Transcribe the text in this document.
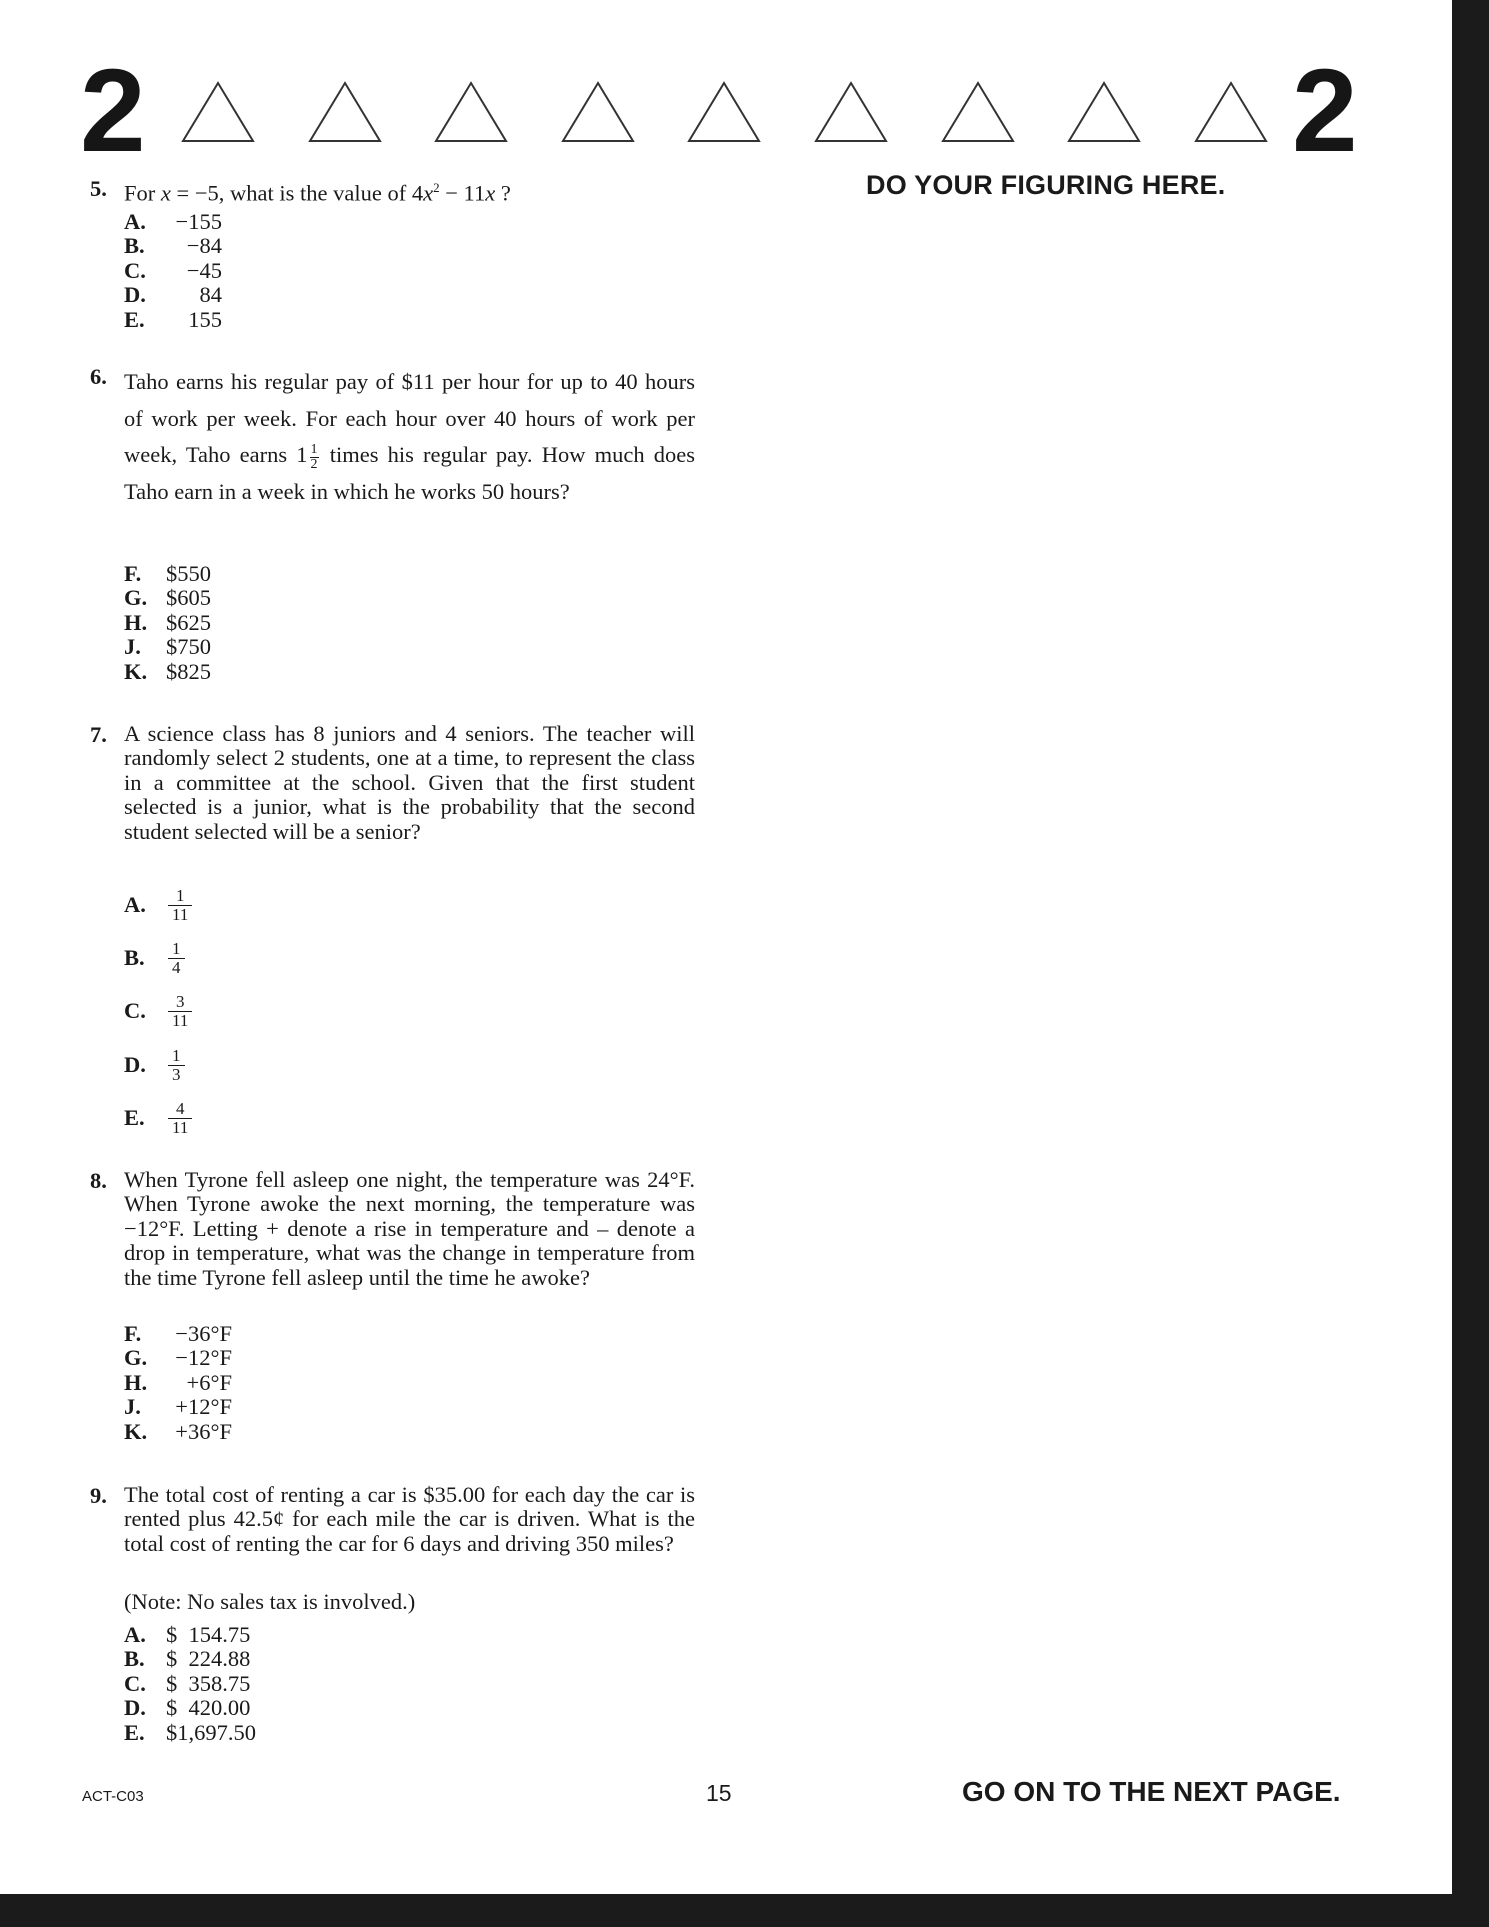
2	2
DO YOUR FIGURING HERE.
5. For x = −5, what is the value of $4x^2 - 11x$ ?
A. −155
B. −84
C. −45
D. 84
E. 155
6. Taho earns his regular pay of $11 per hour for up to 40 hours of work per week. For each hour over 40 hours of work per week, Taho earns $1 \frac{1}{2}$ times his regular pay. How much does Taho earn in a week in which he works 50 hours?
F. $550
G. $605
H. $625
J. $750
K. $825
7. A science class has 8 juniors and 4 seniors. The teacher will randomly select 2 students, one at a time, to represent the class in a committee at the school. Given that the first student selected is a junior, what is the probability that the second student selected will be a senior?
A.	$\frac{1}{11}$
B.	$\frac{1}{4}$
C.	$\frac{3}{11}$
D.	$\frac{1}{3}$
E.	$\frac{4}{11}$
8. When Tyrone fell asleep one night, the temperature was 24°F. When Tyrone awoke the next morning, the temperature was −12°F. Letting + denote a rise in temperature and – denote a drop in temperature, what was the change in temperature from the time Tyrone fell asleep until the time he awoke?
F. −36°F
G. −12°F
H. +6°F
J. +12°F
K. +36°F
9. The total cost of renting a car is $35.00 for each day the car is rented plus 42.5¢ for each mile the car is driven. What is the total cost of renting the car for 6 days and driving 350 miles?
(Note: No sales tax is involved.)
A. $  154.75
B. $  224.88
C. $  358.75
D. $  420.00
E. $1,697.50
ACT-C03	15	GO ON TO THE NEXT PAGE.
